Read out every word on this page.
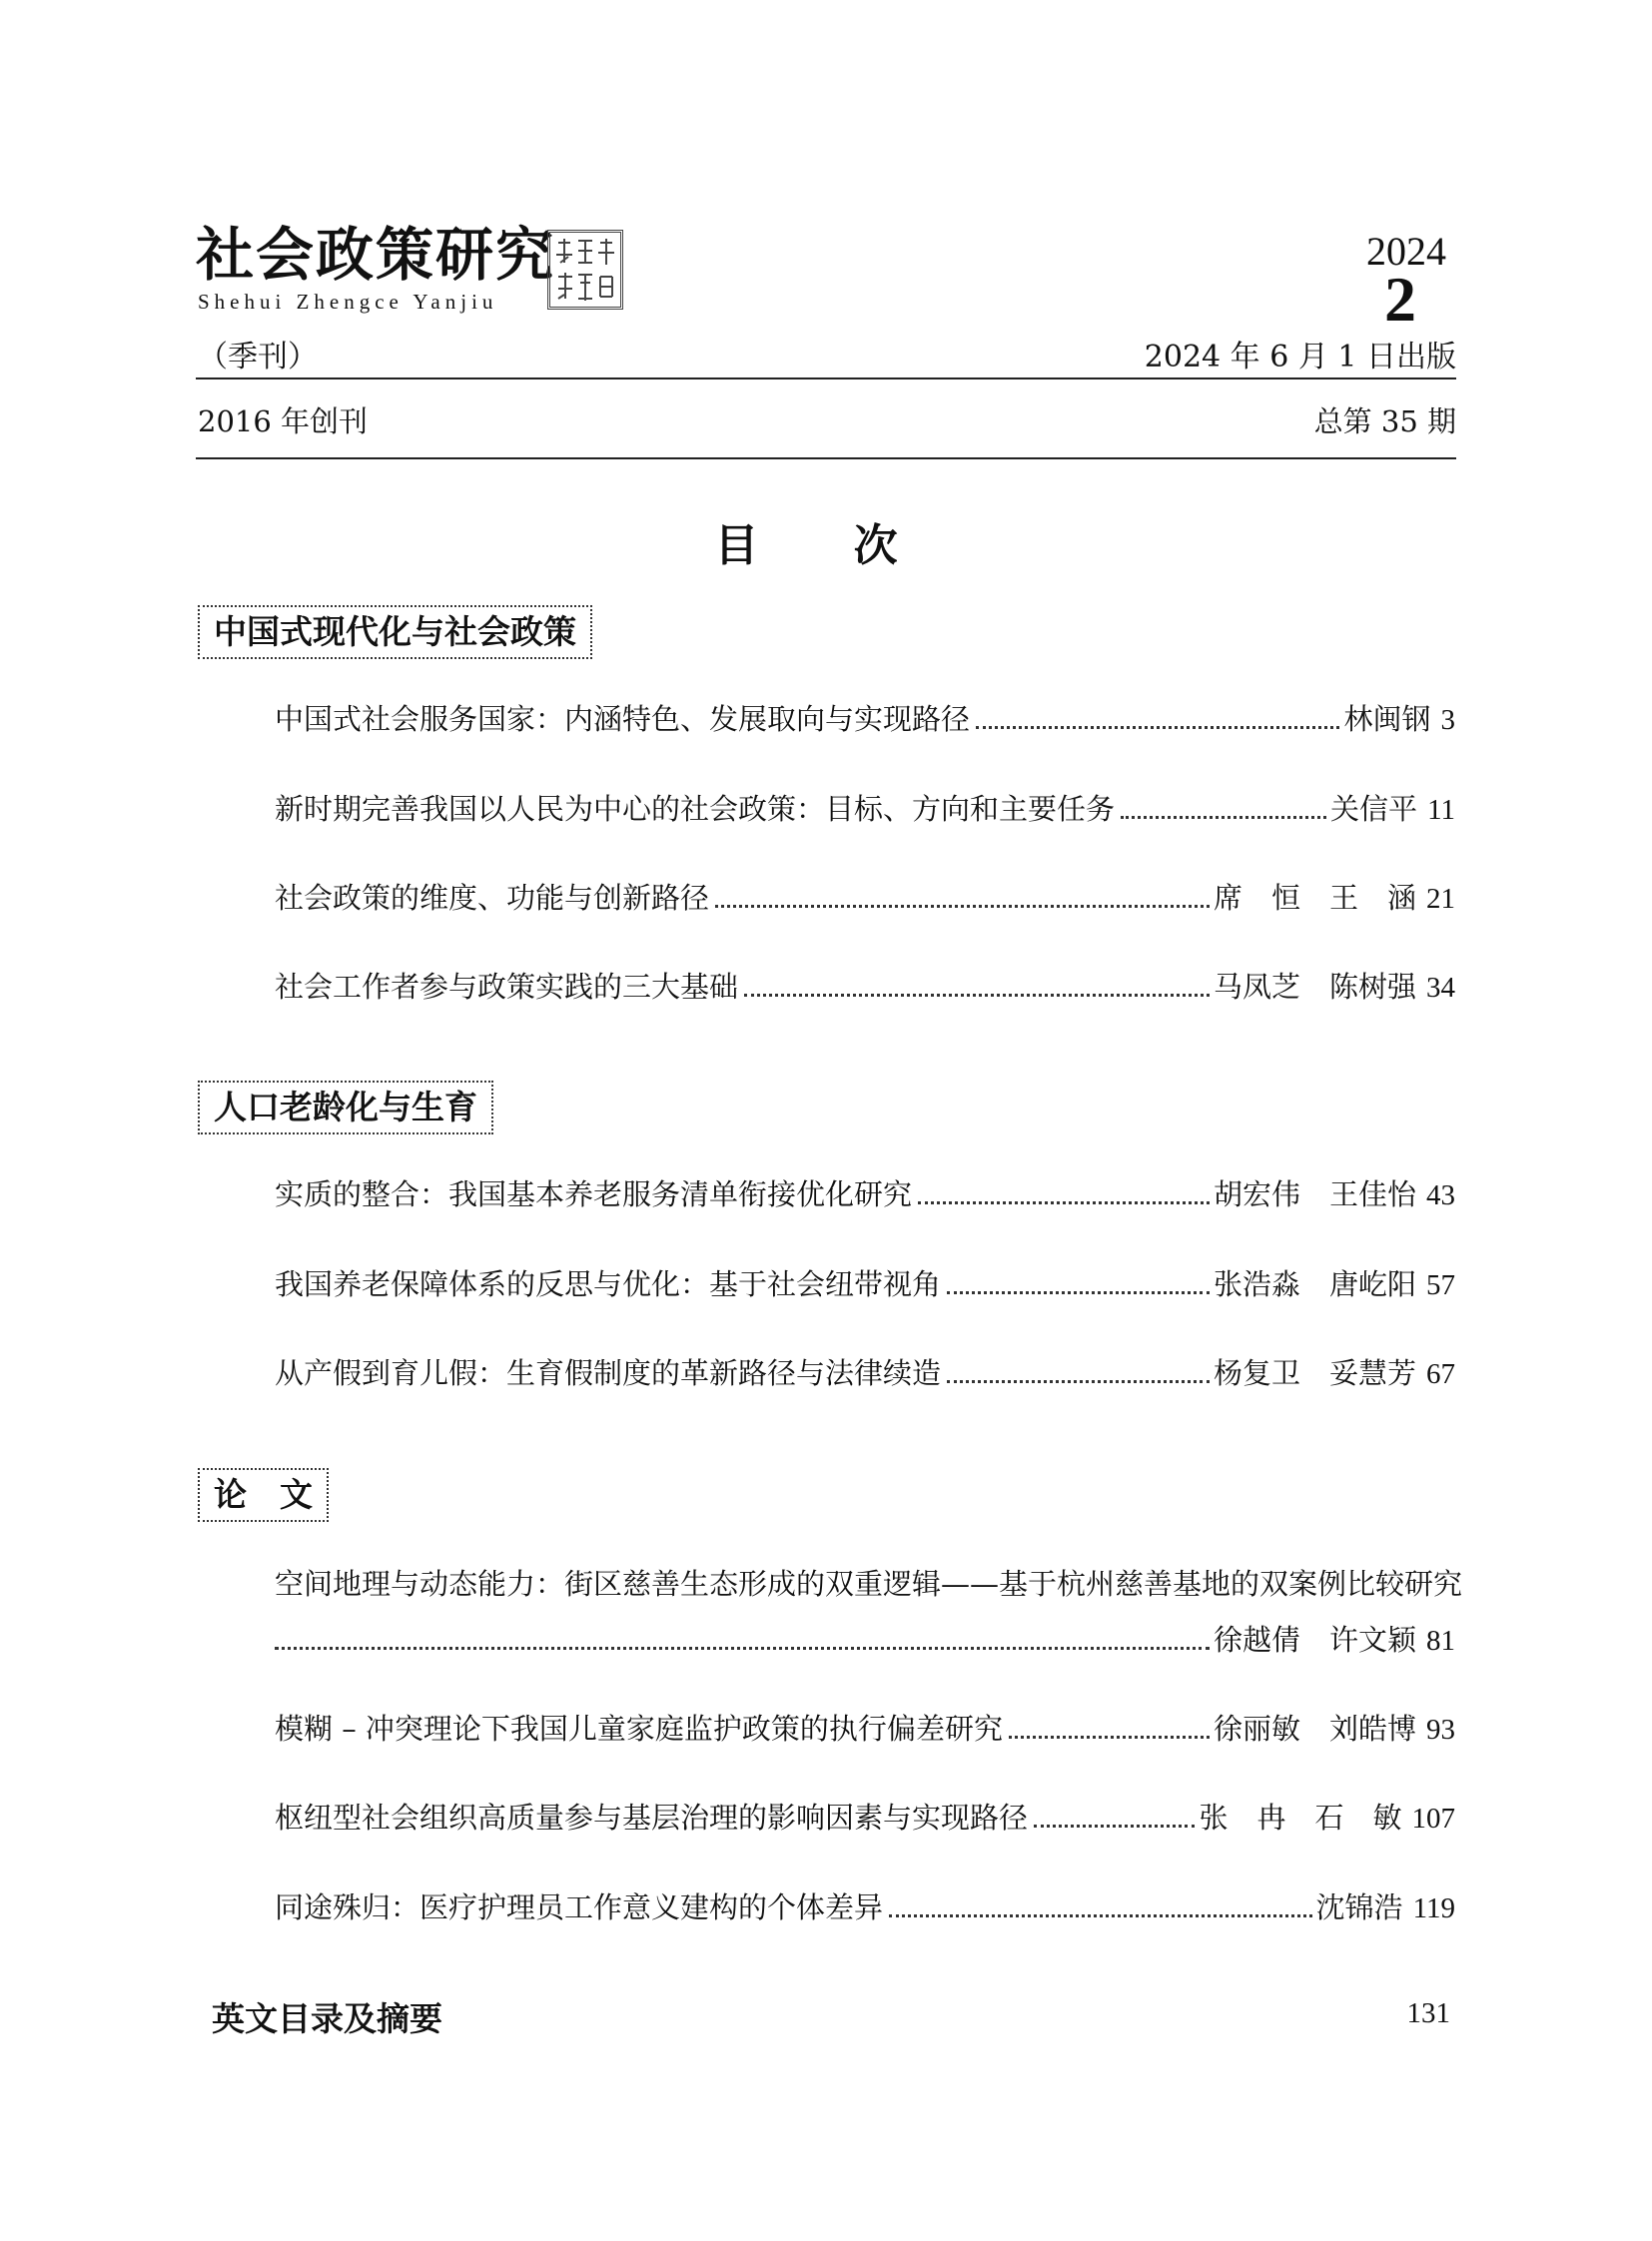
社会政策研究
Shehui Zhengce Yanjiu
2024
2
（季刊）	2024 年 6 月 1 日出版
2016 年创刊	总第 35 期
目 次
中国式现代化与社会政策
中国式社会服务国家：内涵特色、发展取向与实现路径	林闽钢 3
新时期完善我国以人民为中心的社会政策：目标、方向和主要任务	关信平 11
社会政策的维度、功能与创新路径	席　恒　王　涵 21
社会工作者参与政策实践的三大基础	马凤芝　陈树强 34
人口老龄化与生育
实质的整合：我国基本养老服务清单衔接优化研究	胡宏伟　王佳怡 43
我国养老保障体系的反思与优化：基于社会纽带视角	张浩淼　唐屹阳 57
从产假到育儿假：生育假制度的革新路径与法律续造	杨复卫　妥慧芳 67
论　文
空间地理与动态能力：街区慈善生态形成的双重逻辑——基于杭州慈善基地的双案例比较研究
徐越倩　许文颖 81
模糊 – 冲突理论下我国儿童家庭监护政策的执行偏差研究	徐丽敏　刘皓博 93
枢纽型社会组织高质量参与基层治理的影响因素与实现路径	张　冉　石　敏 107
同途殊归：医疗护理员工作意义建构的个体差异	沈锦浩 119
英文目录及摘要	131
